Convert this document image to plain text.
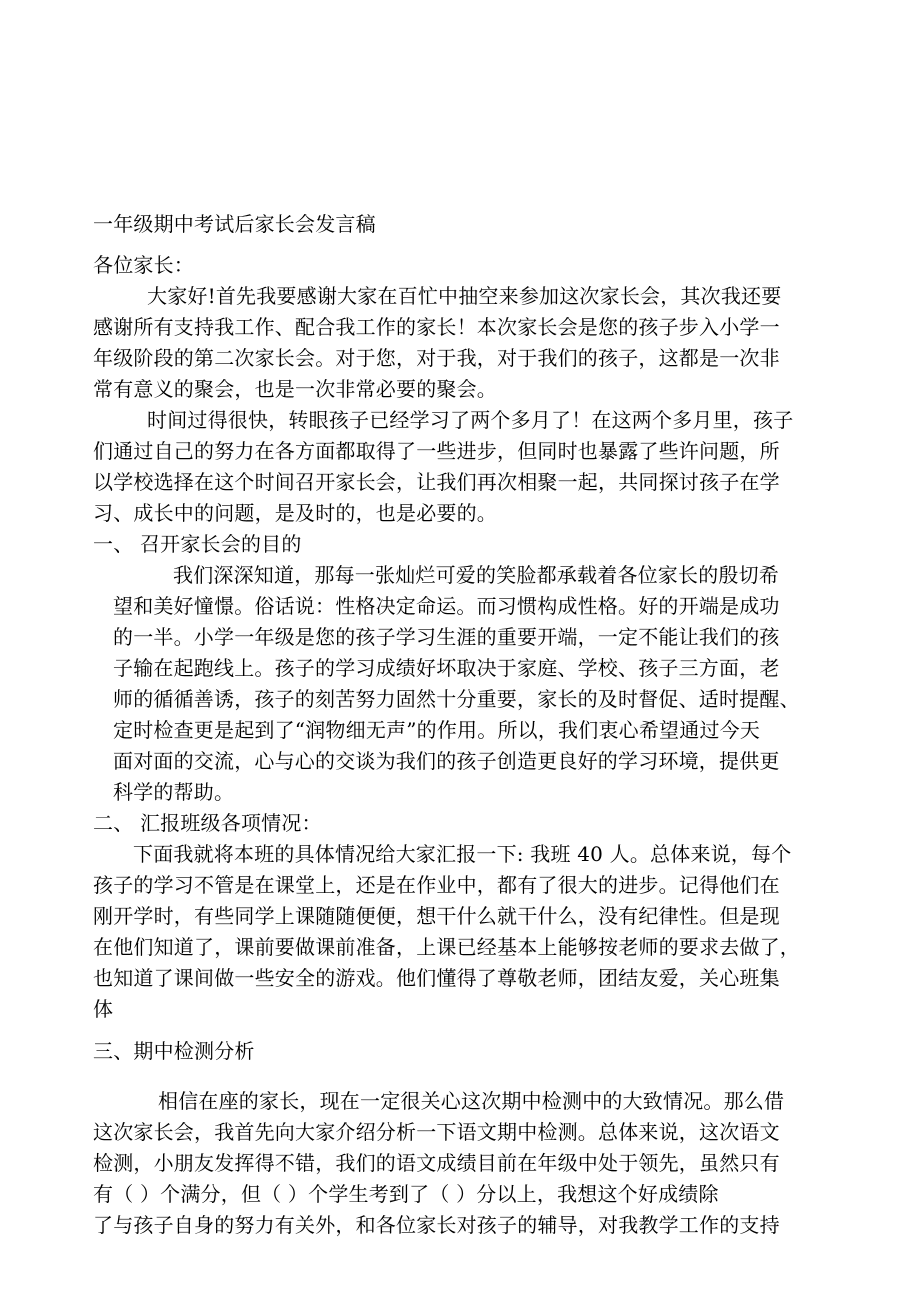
一年级期中考试后家长会发言稿
各位家长：
大家好!首先我要感谢大家在百忙中抽空来参加这次家长会，其次我还要
感谢所有支持我工作、配合我工作的家长！本次家长会是您的孩子步入小学一
年级阶段的第二次家长会。对于您，对于我，对于我们的孩子，这都是一次非
常有意义的聚会，也是一次非常必要的聚会。
时间过得很快，转眼孩子已经学习了两个多月了！在这两个多月里，孩子
们通过自己的努力在各方面都取得了一些进步，但同时也暴露了些许问题，所
以学校选择在这个时间召开家长会，让我们再次相聚一起，共同探讨孩子在学
习、成长中的问题，是及时的，也是必要的。
一、 召开家长会的目的
我们深深知道，那每一张灿烂可爱的笑脸都承载着各位家长的殷切希
望和美好憧憬。俗话说：性格决定命运。而习惯构成性格。好的开端是成功
的一半。小学一年级是您的孩子学习生涯的重要开端，一定不能让我们的孩
子输在起跑线上。孩子的学习成绩好坏取决于家庭、学校、孩子三方面，老
师的循循善诱，孩子的刻苦努力固然十分重要，家长的及时督促、适时提醒、
定时检查更是起到了“润物细无声”的作用。所以，我们衷心希望通过今天
面对面的交流，心与心的交谈为我们的孩子创造更良好的学习环境，提供更
科学的帮助。
二、 汇报班级各项情况：
下面我就将本班的具体情况给大家汇报一下: 我班 40 人。总体来说，每个
孩子的学习不管是在课堂上，还是在作业中，都有了很大的进步。记得他们在
刚开学时，有些同学上课随随便便，想干什么就干什么，没有纪律性。但是现
在他们知道了，课前要做课前准备，上课已经基本上能够按老师的要求去做了，
也知道了课间做一些安全的游戏。他们懂得了尊敬老师，团结友爱，关心班集
体
三、期中检测分析
相信在座的家长，现在一定很关心这次期中检测中的大致情况。那么借
这次家长会，我首先向大家介绍分析一下语文期中检测。总体来说，这次语文
检测，小朋友发挥得不错，我们的语文成绩目前在年级中处于领先，虽然只有
有（ ）个满分，但（ ）个学生考到了（ ）分以上，我想这个好成绩除
了与孩子自身的努力有关外，和各位家长对孩子的辅导，对我教学工作的支持
